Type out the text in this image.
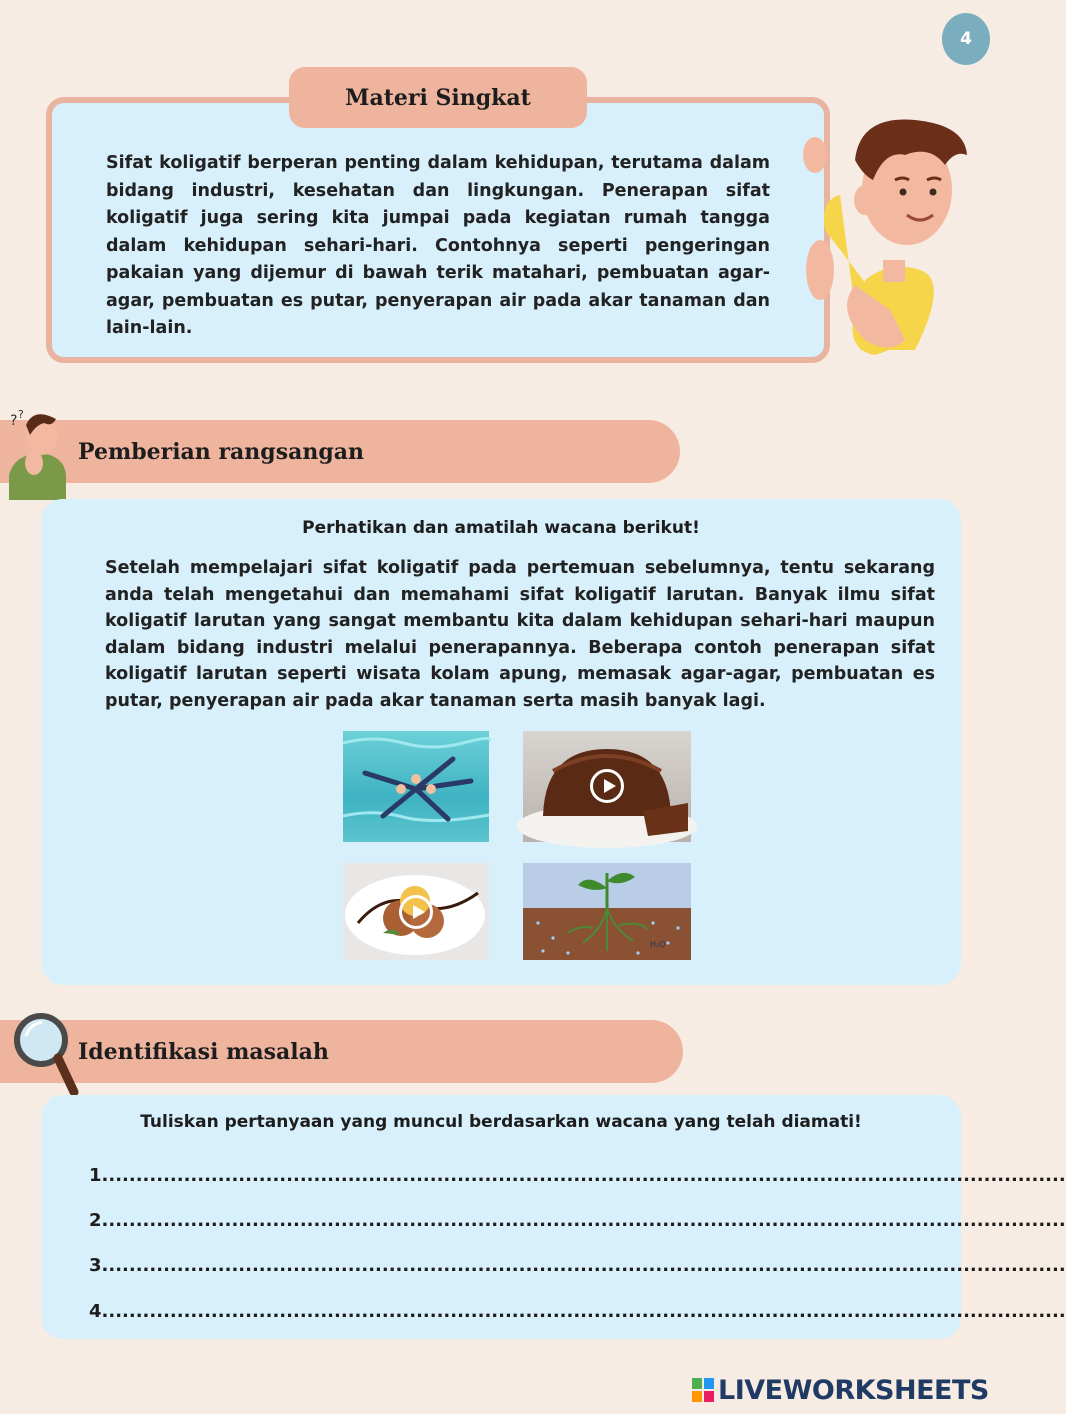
4
Materi Singkat
Sifat koligatif berperan penting dalam kehidupan, terutama dalam bidang industri, kesehatan dan lingkungan. Penerapan sifat koligatif juga sering kita jumpai pada kegiatan rumah tangga dalam kehidupan sehari-hari. Contohnya seperti pengeringan pakaian yang dijemur di bawah terik matahari, pembuatan agar-agar, pembuatan es putar, penyerapan air pada akar tanaman dan lain-lain.
Pemberian rangsangan
? ?
Perhatikan dan amatilah wacana berikut!
Setelah mempelajari sifat koligatif pada pertemuan sebelumnya, tentu sekarang anda telah mengetahui dan memahami sifat koligatif larutan. Banyak ilmu sifat koligatif larutan yang sangat membantu kita dalam kehidupan sehari-hari maupun dalam bidang industri melalui penerapannya. Beberapa contoh penerapan sifat koligatif larutan seperti wisata kolam apung, memasak agar-agar, pembuatan es putar, penyerapan air pada akar tanaman serta masih banyak lagi.
H₂O
Identifikasi masalah
Tuliskan pertanyaan yang muncul berdasarkan wacana yang telah diamati!
1.............................................................................................................................................
2.............................................................................................................................................
3.............................................................................................................................................
4.............................................................................................................................................
LIVEWORKSHEETS
